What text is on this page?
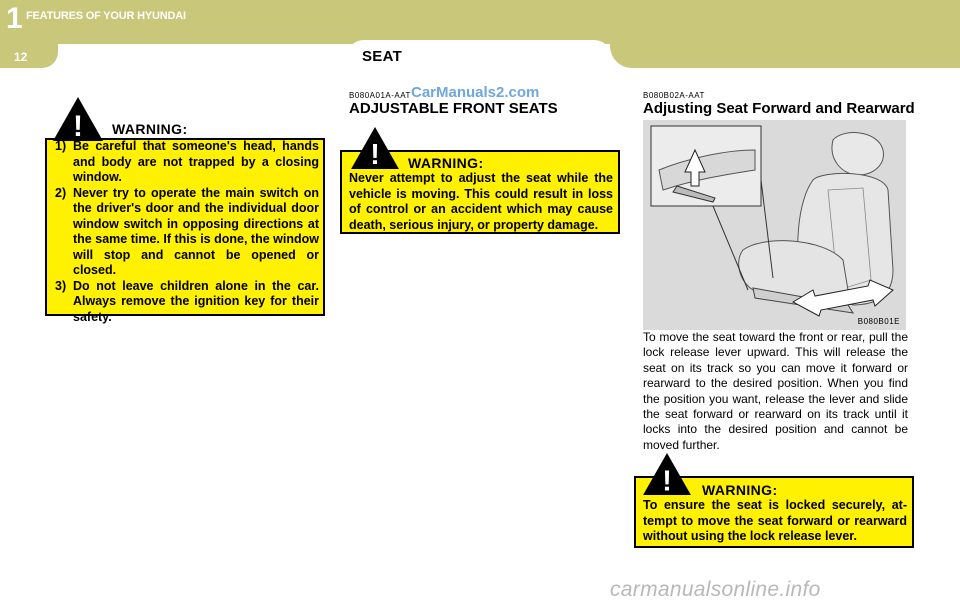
1 FEATURES OF YOUR HYUNDAI
12	SEAT
! WARNING:
1) Be careful that someone's head, hands and body are not trapped by a closing window.
2) Never try to operate the main switch on the driver's door and the individual door window switch in opposing directions at the same time. If this is done, the window will stop and cannot be opened or closed.
3) Do not leave children alone in the car. Always remove the ignition key for their safety.
B080A01A-AAT CarManuals2.com
ADJUSTABLE FRONT SEATS
! WARNING:
Never attempt to adjust the seat while the vehicle is moving. This could result in loss of control or an accident which may cause death, serious injury, or property damage.
B080B02A-AAT
Adjusting Seat Forward and Rearward
B080B01E
To move the seat toward the front or rear, pull the lock release lever upward. This will release the seat on its track so you can move it forward or rearward to the desired position. When you find the position you want, release the lever and slide the seat forward or rearward on its track until it locks into the desired position and cannot be moved further.
! WARNING:
To ensure the seat is locked securely, at-tempt to move the seat forward or rearward without using the lock release lever.
carmanualsonline.info
